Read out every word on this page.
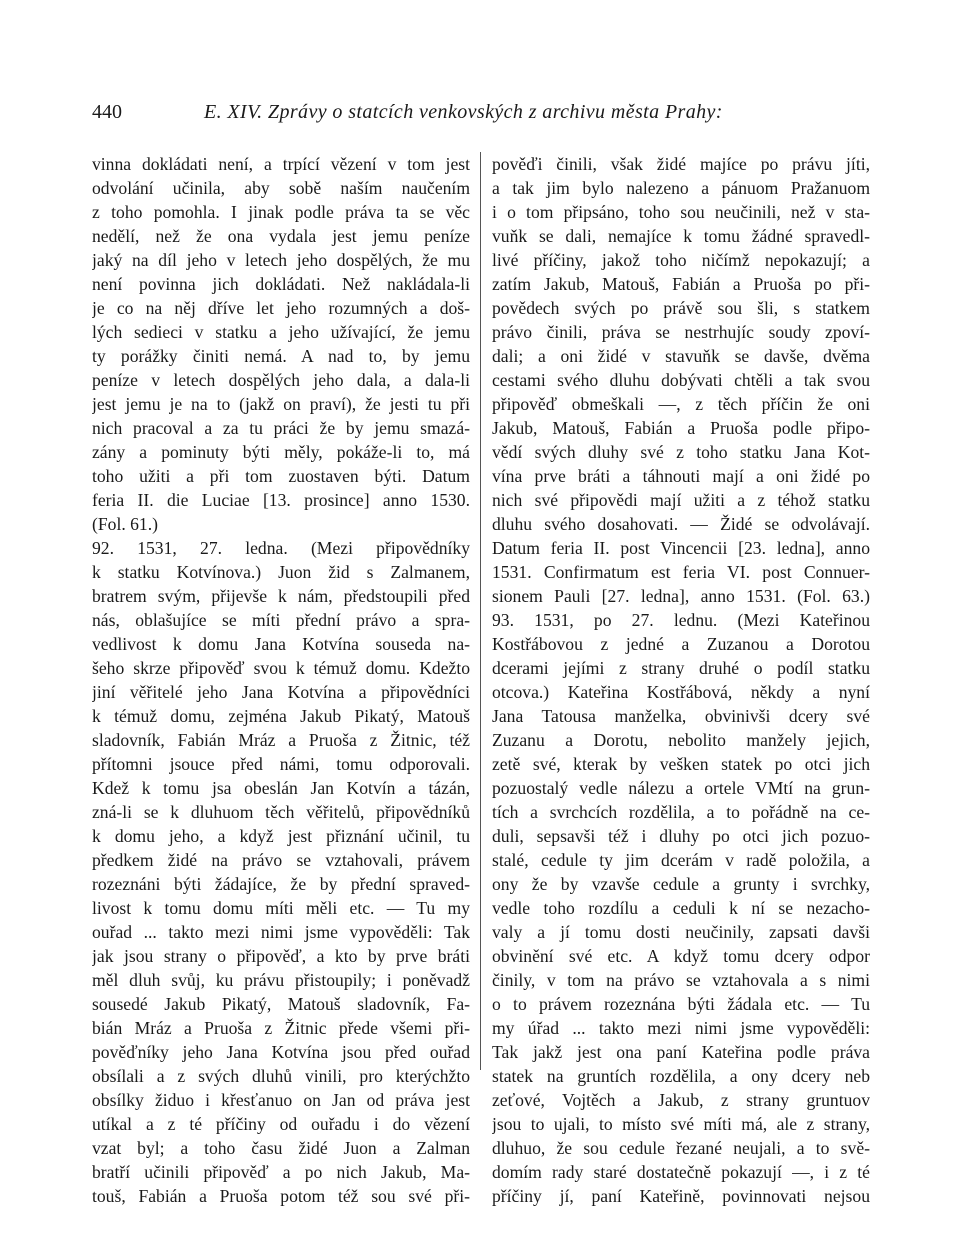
440	E. XIV. Zprávy o statcích venkovských z archivu města Prahy:
vinna dokládati není, a trpící vězení v tom jest
odvolání učinila, aby sobě naším naučením
z toho pomohla. I jinak podle práva ta se věc
nedělí, než že ona vydala jest jemu peníze
jaký na díl jeho v letech jeho dospělých, že mu
není povinna jich dokládati. Než nakládala-li
je co na něj dříve let jeho rozumných a doš-
lých sedieci v statku a jeho užívající, že jemu
ty porážky činiti nemá. A nad to, by jemu
peníze v letech dospělých jeho dala, a dala-li
jest jemu je na to (jakž on praví), že jesti tu při
nich pracoval a za tu práci že by jemu smazá-
zány a pominuty býti měly, pokáže-li to, má
toho užiti a při tom zuostaven býti. Datum
feria II. die Luciae [13. prosince] anno 1530.
(Fol. 61.)
92. 1531, 27. ledna. (Mezi připovědníky
k statku Kotvínova.) Juon žid s Zalmanem,
bratrem svým, přijevše k nám, předstoupili před
nás, oblašujíce se míti přední právo a spra-
vedlivost k domu Jana Kotvína souseda na-
šeho skrze připověď svou k témuž domu. Kdežto
jiní věřitelé jeho Jana Kotvína a připovědníci
k témuž domu, zejména Jakub Pikatý, Matouš
sladovník, Fabián Mráz a Pruoša z Žitnic, též
přítomni jsouce před námi, tomu odporovali.
Kdež k tomu jsa obeslán Jan Kotvín a tázán,
zná-li se k dluhuom těch věřitelů, připovědníků
k domu jeho, a když jest přiznání učinil, tu
předkem židé na právo se vztahovali, právem
rozeznáni býti žádajíce, že by přední spraved-
livost k tomu domu míti měli etc. — Tu my
ouřad ... takto mezi nimi jsme vypověděli: Tak
jak jsou strany o připověď, a kto by prve bráti
měl dluh svůj, ku právu přistoupily; i poněvadž
sousedé Jakub Pikatý, Matouš sladovník, Fa-
bián Mráz a Pruoša z Žitnic přede všemi při-
pověďníky jeho Jana Kotvína jsou před ouřad
obsílali a z svých dluhů vinili, pro kterýchžto
obsílky židuo i křesťanuo on Jan od práva jest
utíkal a z té příčiny od ouřadu i do vězení
vzat byl; a toho času židé Juon a Zalman
bratří učinili připověď a po nich Jakub, Ma-
touš, Fabián a Pruoša potom též sou své při-
pověďi činili, však židé majíce po právu jíti,
a tak jim bylo nalezeno a pánuom Pražanuom
i o tom připsáno, toho sou neučinili, než v sta-
vuňk se dali, nemajíce k tomu žádné spravedl-
livé příčiny, jakož toho ničímž nepokazují; a
zatím Jakub, Matouš, Fabián a Pruoša po při-
povědech svých po právě sou šli, s statkem
právo činili, práva se nestrhujíc soudy zpoví-
dali; a oni židé v stavuňk se davše, dvěma
cestami svého dluhu dobývati chtěli a tak svou
připověď obmeškali —, z těch příčin že oni
Jakub, Matouš, Fabián a Pruoša podle připo-
vědí svých dluhy své z toho statku Jana Kot-
vína prve bráti a táhnouti mají a oni židé po
nich své připovědi mají užiti a z téhož statku
dluhu svého dosahovati. — Židé se odvolávají.
Datum feria II. post Vincencii [23. ledna], anno
1531. Confirmatum est feria VI. post Connuer-
sionem Pauli [27. ledna], anno 1531. (Fol. 63.)
93. 1531, po 27. lednu. (Mezi Kateřinou
Kostřábovou z jedné a Zuzanou a Dorotou
dcerami jejími z strany druhé o podíl statku
otcova.) Kateřina Kostřábová, někdy a nyní
Jana Tatousa manželka, obvinivši dcery své
Zuzanu a Dorotu, nebolito manžely jejich,
zetě své, kterak by vešken statek po otci jich
pozuostalý vedle nálezu a ortele VMtí na grun-
tích a svrchcích rozdělila, a to pořádně na ce-
duli, sepsavši též i dluhy po otci jich pozuo-
stalé, cedule ty jim dcerám v radě položila, a
ony že by vzavše cedule a grunty i svrchky,
vedle toho rozdílu a ceduli k ní se nezacho-
valy a jí tomu dosti neučinily, zapsati davši
obvinění své etc. A když tomu dcery odpor
činily, v tom na právo se vztahovala a s nimi
o to právem rozeznána býti žádala etc. — Tu
my úřad ... takto mezi nimi jsme vypověděli:
Tak jakž jest ona paní Kateřina podle práva
statek na gruntích rozdělila, a ony dcery neb
zeťové, Vojtěch a Jakub, z strany gruntuov
jsou to ujali, to místo své míti má, ale z strany,
dluhuo, že sou cedule řezané neujali, a to svě-
domím rady staré dostatečně pokazují —, i z té
příčiny jí, paní Kateřině, povinnovati nejsou
